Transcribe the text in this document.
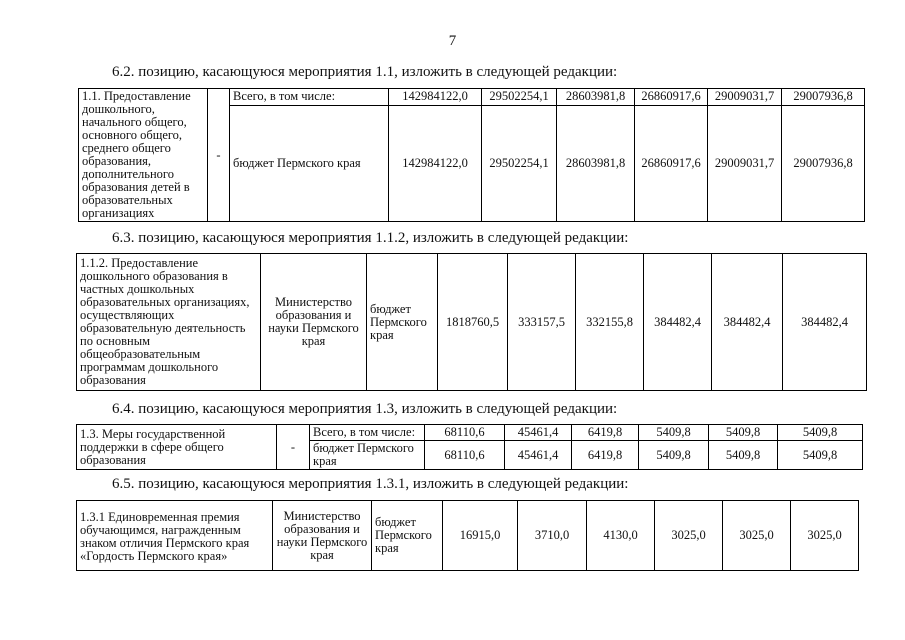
7
6.2. позицию, касающуюся мероприятия 1.1, изложить в следующей редакции:
1.1. Предоставление дошкольного, начального общего, основного общего, среднего общего образования, дополнительного образования детей в образовательных организациях	-	Всего, в том числе:	142984122,0	29502254,1	28603981,8	26860917,6	29009031,7	29007936,8
		бюджет Пермского края	142984122,0	29502254,1	28603981,8	26860917,6	29009031,7	29007936,8
6.3. позицию, касающуюся мероприятия 1.1.2, изложить в следующей редакции:
1.1.2. Предоставление дошкольного образования в частных дошкольных образовательных организациях, осуществляющих образовательную деятельность по основным общеобразовательным программам дошкольного образования	Министерство образования и науки Пермского края	бюджет Пермского края	1818760,5	333157,5	332155,8	384482,4	384482,4	384482,4
6.4. позицию, касающуюся мероприятия 1.3, изложить в следующей редакции:
1.3. Меры государственной поддержки в сфере общего образования	-	Всего, в том числе:	68110,6	45461,4	6419,8	5409,8	5409,8	5409,8
		бюджет Пермского края	68110,6	45461,4	6419,8	5409,8	5409,8	5409,8
6.5. позицию, касающуюся мероприятия 1.3.1, изложить в следующей редакции:
1.3.1 Единовременная премия обучающимся, награжденным знаком отличия Пермского края «Гордость Пермского края»	Министерство образования и науки Пермского края	бюджет Пермского края	16915,0	3710,0	4130,0	3025,0	3025,0	3025,0
